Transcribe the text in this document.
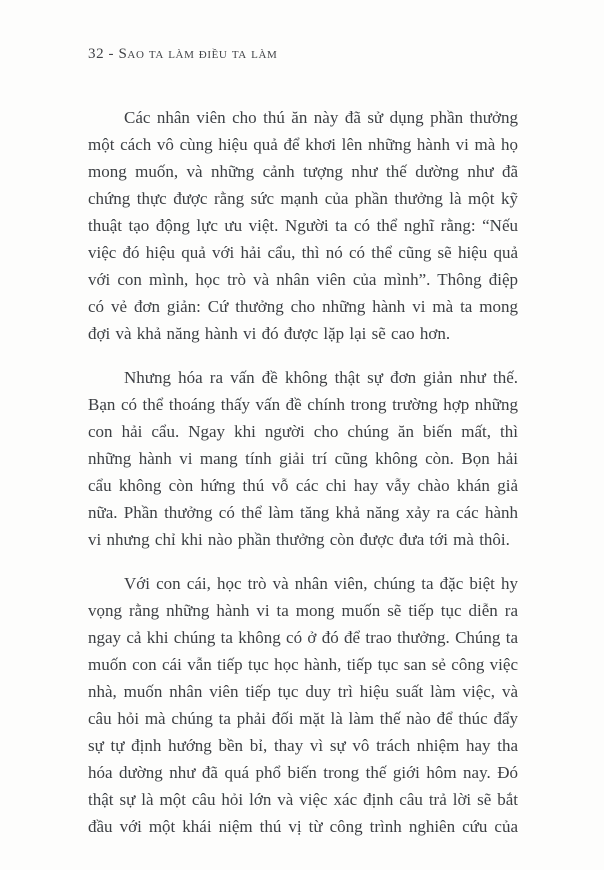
32 - Sao ta làm điều ta làm

Các nhân viên cho thú ăn này đã sử dụng phần thưởng một cách vô cùng hiệu quả để khơi lên những hành vi mà họ mong muốn, và những cảnh tượng như thế dường như đã chứng thực được rằng sức mạnh của phần thưởng là một kỹ thuật tạo động lực ưu việt. Người ta có thể nghĩ rằng: “Nếu việc đó hiệu quả với hải cẩu, thì nó có thể cũng sẽ hiệu quả với con mình, học trò và nhân viên của mình”. Thông điệp có vẻ đơn giản: Cứ thưởng cho những hành vi mà ta mong đợi và khả năng hành vi đó được lặp lại sẽ cao hơn.

Nhưng hóa ra vấn đề không thật sự đơn giản như thế. Bạn có thể thoáng thấy vấn đề chính trong trường hợp những con hải cẩu. Ngay khi người cho chúng ăn biến mất, thì những hành vi mang tính giải trí cũng không còn. Bọn hải cẩu không còn hứng thú vỗ các chi hay vẫy chào khán giả nữa. Phần thưởng có thể làm tăng khả năng xảy ra các hành vi nhưng chỉ khi nào phần thưởng còn được đưa tới mà thôi.

Với con cái, học trò và nhân viên, chúng ta đặc biệt hy vọng rằng những hành vi ta mong muốn sẽ tiếp tục diễn ra ngay cả khi chúng ta không có ở đó để trao thưởng. Chúng ta muốn con cái vẫn tiếp tục học hành, tiếp tục san sẻ công việc nhà, muốn nhân viên tiếp tục duy trì hiệu suất làm việc, và câu hỏi mà chúng ta phải đối mặt là làm thế nào để thúc đẩy sự tự định hướng bền bỉ, thay vì sự vô trách nhiệm hay tha hóa dường như đã quá phổ biến trong thế giới hôm nay. Đó thật sự là một câu hỏi lớn và việc xác định câu trả lời sẽ bắt đầu với một khái niệm thú vị từ công trình nghiên cứu của
